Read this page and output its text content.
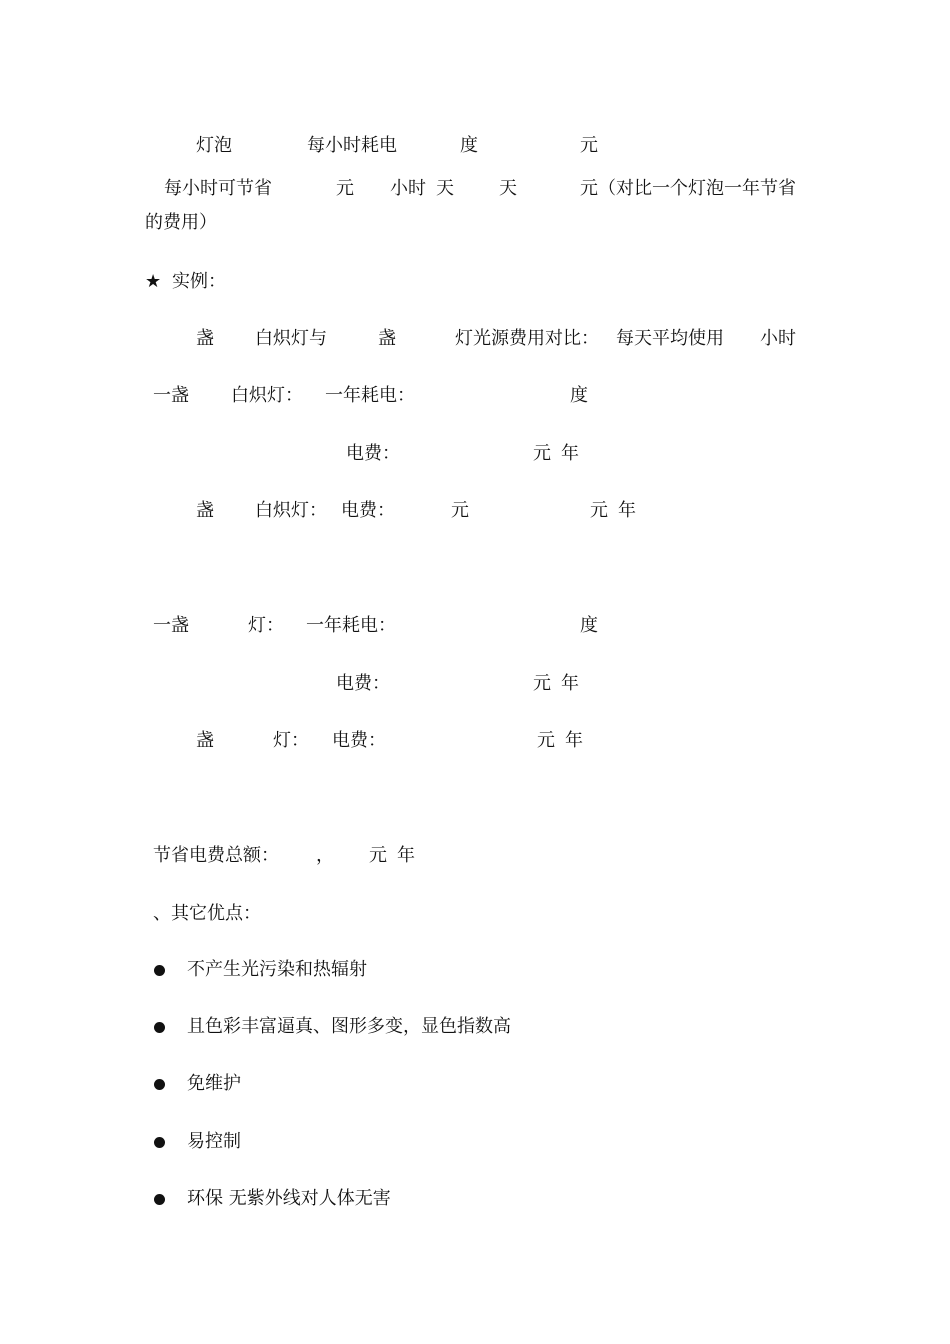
灯泡	每小时耗电	度	元
每小时可节省	元 小时 天	天	元（对比一个灯泡一年节省
的费用）
★ 实例：
盏 白炽灯与	盏	灯光源费用对比： 每天平均使用 小时
一盏 白炽灯： 一年耗电：	度
电费：	元 年
盏 白炽灯： 电费：	元	元 年
一盏	灯： 一年耗电：	度
电费：	元 年
盏	灯： 电费：	元 年
节省电费总额： ， 元 年
、其它优点：
不产生光污染和热辐射
且色彩丰富逼真、图形多变，显色指数高
免维护
易控制
环保 无紫外线对人体无害
